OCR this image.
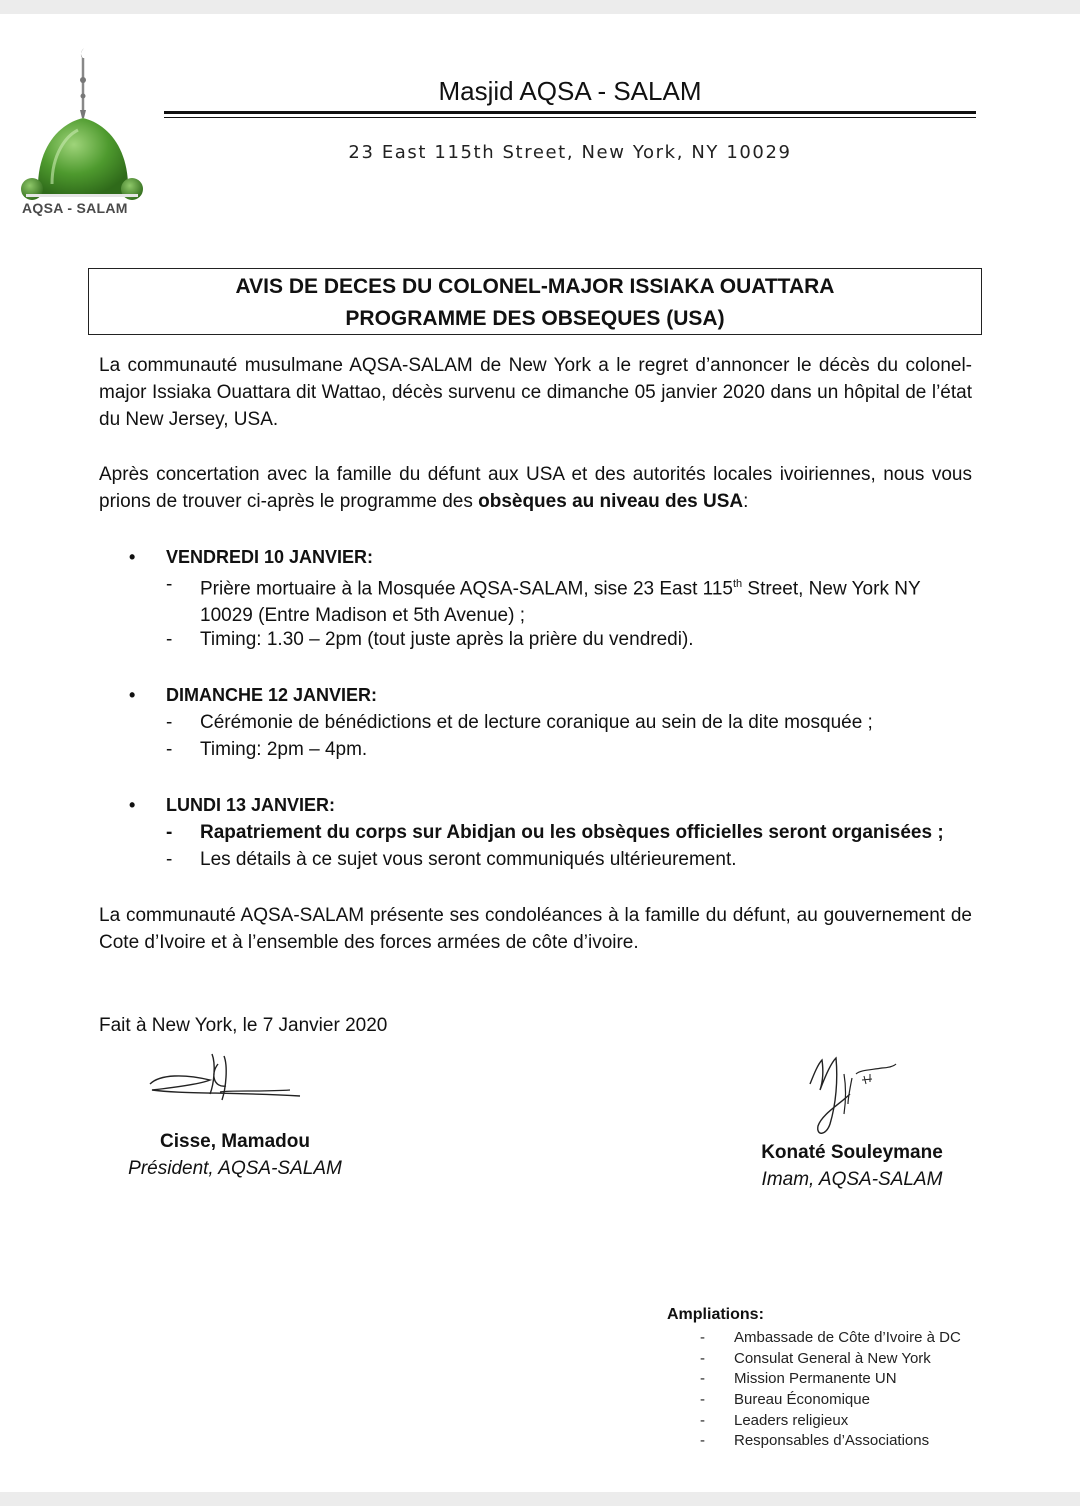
AQSA - SALAM
Masjid AQSA - SALAM
23 East 115th Street, New York, NY 10029
AVIS DE DECES DU COLONEL-MAJOR ISSIAKA OUATTARA
PROGRAMME DES OBSEQUES (USA)
La communauté musulmane AQSA-SALAM de New York a le regret d’annoncer le décès du colonel-major Issiaka Ouattara dit Wattao, décès survenu ce dimanche 05 janvier 2020 dans un hôpital de l’état du New Jersey, USA.
Après concertation avec la famille du défunt aux USA et des autorités locales ivoiriennes, nous vous prions de trouver ci-après le programme des obsèques au niveau des USA:
• VENDREDI 10 JANVIER:
- Prière mortuaire à la Mosquée AQSA-SALAM, sise 23 East 115th Street, New York NY 10029 (Entre Madison et 5th Avenue) ;
- Timing: 1.30 – 2pm (tout juste après la prière du vendredi).
• DIMANCHE 12 JANVIER:
- Cérémonie de bénédictions et de lecture coranique au sein de la dite mosquée ;
- Timing: 2pm – 4pm.
• LUNDI 13 JANVIER:
- Rapatriement du corps sur Abidjan ou les obsèques officielles seront organisées ;
- Les détails à ce sujet vous seront communiqués ultérieurement.
La communauté AQSA-SALAM présente ses condoléances à la famille du défunt, au gouvernement de Cote d’Ivoire et à l’ensemble des forces armées de côte d’ivoire.
Fait à New York, le 7 Janvier 2020
Cisse, Mamadou
Président, AQSA-SALAM
Konaté Souleymane
Imam, AQSA-SALAM
Ampliations:
- Ambassade de Côte d’Ivoire à DC
- Consulat General à New York
- Mission Permanente UN
- Bureau Économique
- Leaders religieux
- Responsables d’Associations
